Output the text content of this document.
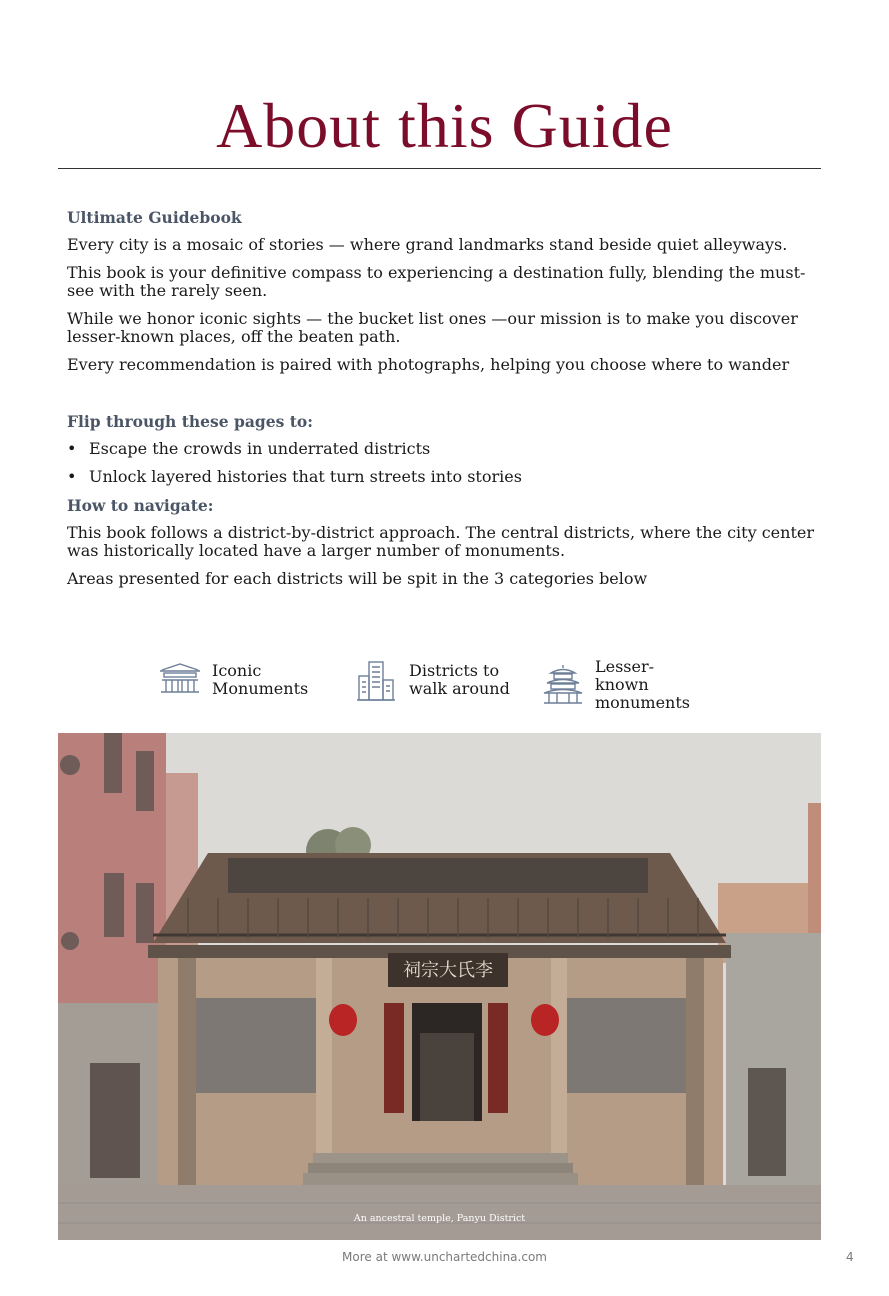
About this Guide
Ultimate Guidebook
Every city is a mosaic of stories — where grand landmarks stand beside quiet alleyways.
This book is your definitive compass to experiencing a destination fully, blending the must-see with the rarely seen.
While we honor iconic sights — the bucket list ones —our mission is to make you discover lesser-known places, off the beaten path.
Every recommendation is paired with photographs, helping you choose where to wander
Flip through these pages to:
• Escape the crowds in underrated districts
• Unlock layered histories that turn streets into stories
How to navigate:
This book follows a district-by-district approach. The central districts, where the city center was historically located have a larger number of monuments.
Areas presented for each districts will be spit in the 3 categories below
Iconic
Monuments
Districts to
walk around
Lesser-known
monuments
祠宗大氏李
An ancestral temple, Panyu District
More at www.unchartedchina.com	4
